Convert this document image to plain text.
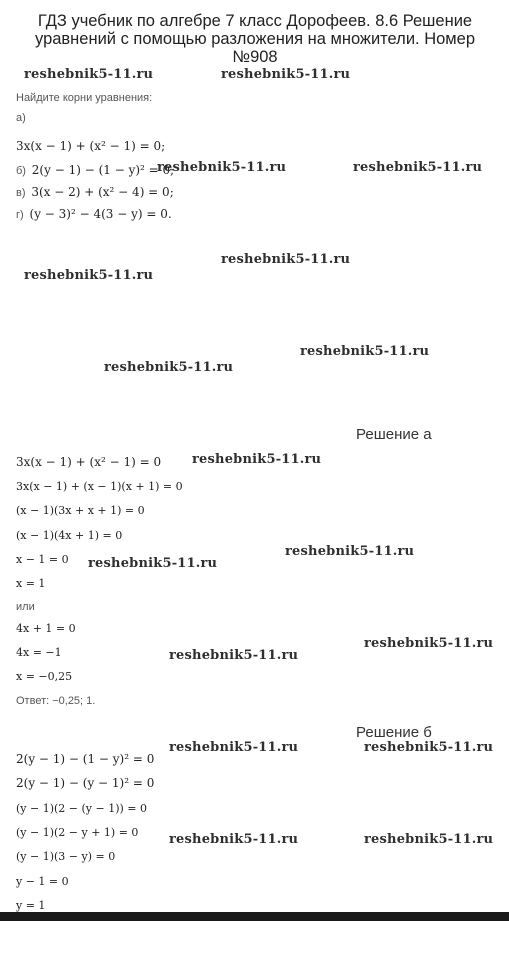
ГДЗ учебник по алгебре 7 класс Дорофеев. 8.6 Решение уравнений с помощью разложения на множители. Номер №908
reshebnik5-11.ru	reshebnik5-11.ru
reshebnik5-11.ru	reshebnik5-11.ru
reshebnik5-11.ru
reshebnik5-11.ru
reshebnik5-11.ru
reshebnik5-11.ru
reshebnik5-11.ru
reshebnik5-11.ru
reshebnik5-11.ru
reshebnik5-11.ru
reshebnik5-11.ru
reshebnik5-11.ru	reshebnik5-11.ru
reshebnik5-11.ru	reshebnik5-11.ru
Найдите корни уравнения:
а)
3x(x − 1) + (x² − 1) = 0;
б) 2(y − 1) − (1 − y)² = 0;
в) 3(x − 2) + (x² − 4) = 0;
г) (y − 3)² − 4(3 − y) = 0.
Решение а
3x(x − 1) + (x² − 1) = 0
3x(x − 1) + (x − 1)(x + 1) = 0
(x − 1)(3x + x + 1) = 0
(x − 1)(4x + 1) = 0
x − 1 = 0
x = 1
или
4x + 1 = 0
4x = −1
x = −0,25
Ответ: −0,25; 1.
Решение б
2(y − 1) − (1 − y)² = 0
2(y − 1) − (y − 1)² = 0
(y − 1)(2 − (y − 1)) = 0
(y − 1)(2 − y + 1) = 0
(y − 1)(3 − y) = 0
y − 1 = 0
y = 1
